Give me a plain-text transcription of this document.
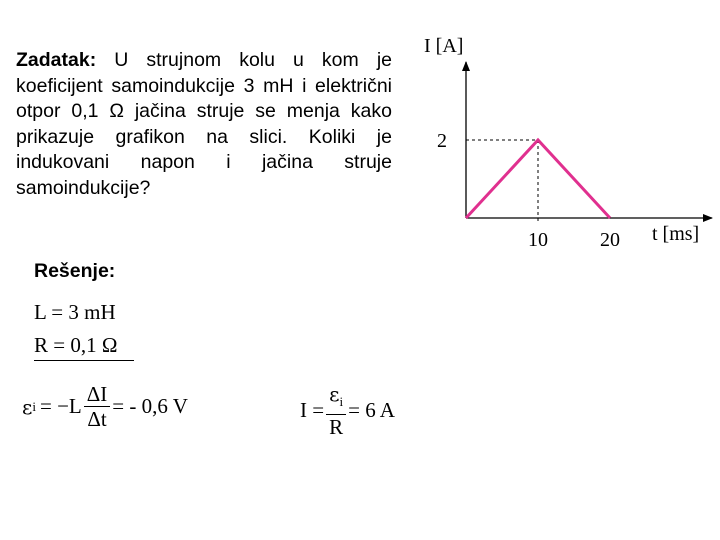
Zadatak: U strujnom kolu u kom je koeficijent samoindukcije 3 mH i električni otpor 0,1 Ω jačina struje se menja kako prikazuje grafikon na slici. Koliki je indukovani napon i jačina struje samoindukcije?
Rešenje:
L = 3 mH
R = 0,1 Ω
ε $i = -L \frac{\Delta I}{\Delta t}$ = - 0,6 V	$I = \frac{\varepsilon_i}{R} = 6$ A
I [A]
t [ms]
2
10	20
